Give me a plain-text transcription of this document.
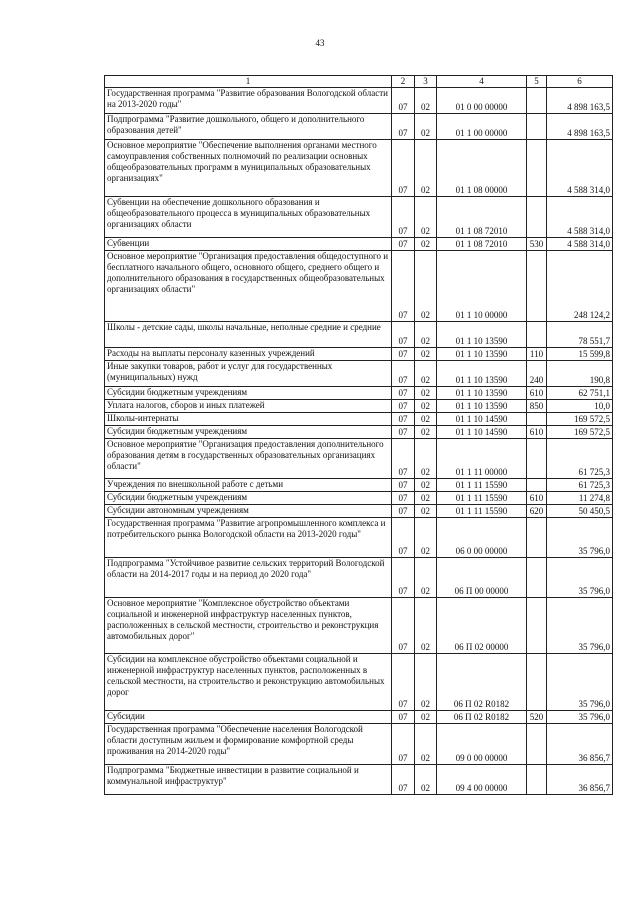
43
1	2	3	4	5	6
Государственная программа "Развитие образования Вологодской области на 2013-2020 годы"	07	02	01 0 00 00000		4 898 163,5
Подпрограмма "Развитие дошкольного, общего и дополнительного образования детей"	07	02	01 1 00 00000		4 898 163,5
Основное мероприятие "Обеспечение выполнения органами местного самоуправления собственных полномочий по реализации основных общеобразовательных программ в муниципальных образовательных организациях"	07	02	01 1 08 00000		4 588 314,0
Субвенции на обеспечение дошкольного образования и общеобразовательного процесса в муниципальных образовательных организациях области	07	02	01 1 08 72010		4 588 314,0
Субвенции	07	02	01 1 08 72010	530	4 588 314,0
Основное мероприятие "Организация предоставления общедоступного и бесплатного начального общего, основного общего, среднего общего и дополнительного образования в государственных общеобразовательных организациях области"	07	02	01 1 10 00000		248 124,2
Школы - детские сады, школы начальные, неполные средние и средние	07	02	01 1 10 13590		78 551,7
Расходы на выплаты персоналу казенных учреждений	07	02	01 1 10 13590	110	15 599,8
Иные закупки товаров, работ и услуг для государственных (муниципальных) нужд	07	02	01 1 10 13590	240	190,8
Субсидии бюджетным учреждениям	07	02	01 1 10 13590	610	62 751,1
Уплата налогов, сборов и иных платежей	07	02	01 1 10 13590	850	10,0
Школы-интернаты	07	02	01 1 10 14590		169 572,5
Субсидии бюджетным учреждениям	07	02	01 1 10 14590	610	169 572,5
Основное мероприятие "Организация предоставления дополнительного образования детям в государственных образовательных организациях области"	07	02	01 1 11 00000		61 725,3
Учреждения по внешкольной работе с детьми	07	02	01 1 11 15590		61 725,3
Субсидии бюджетным учреждениям	07	02	01 1 11 15590	610	11 274,8
Субсидии автономным учреждениям	07	02	01 1 11 15590	620	50 450,5
Государственная программа "Развитие агропромышленного комплекса и потребительского рынка Вологодской области на 2013-2020 годы"	07	02	06 0 00 00000		35 796,0
Подпрограмма "Устойчивое развитие сельских территорий Вологодской области на 2014-2017 годы и на период до 2020 года"	07	02	06 П 00 00000		35 796,0
Основное мероприятие "Комплексное обустройство объектами социальной и инженерной инфраструктур населенных пунктов, расположенных в сельской местности, строительство и реконструкция автомобильных дорог"	07	02	06 П 02 00000		35 796,0
Субсидии на комплексное обустройство объектами социальной и инженерной инфраструктур населенных пунктов, расположенных в сельской местности, на строительство и реконструкцию автомобильных дорог	07	02	06 П 02 R0182		35 796,0
Субсидии	07	02	06 П 02 R0182	520	35 796,0
Государственная программа "Обеспечение населения Вологодской области доступным жильем и формирование комфортной среды проживания на 2014-2020 годы"	07	02	09 0 00 00000		36 856,7
Подпрограмма "Бюджетные инвестиции в развитие социальной и коммунальной инфраструктур"	07	02	09 4 00 00000		36 856,7
